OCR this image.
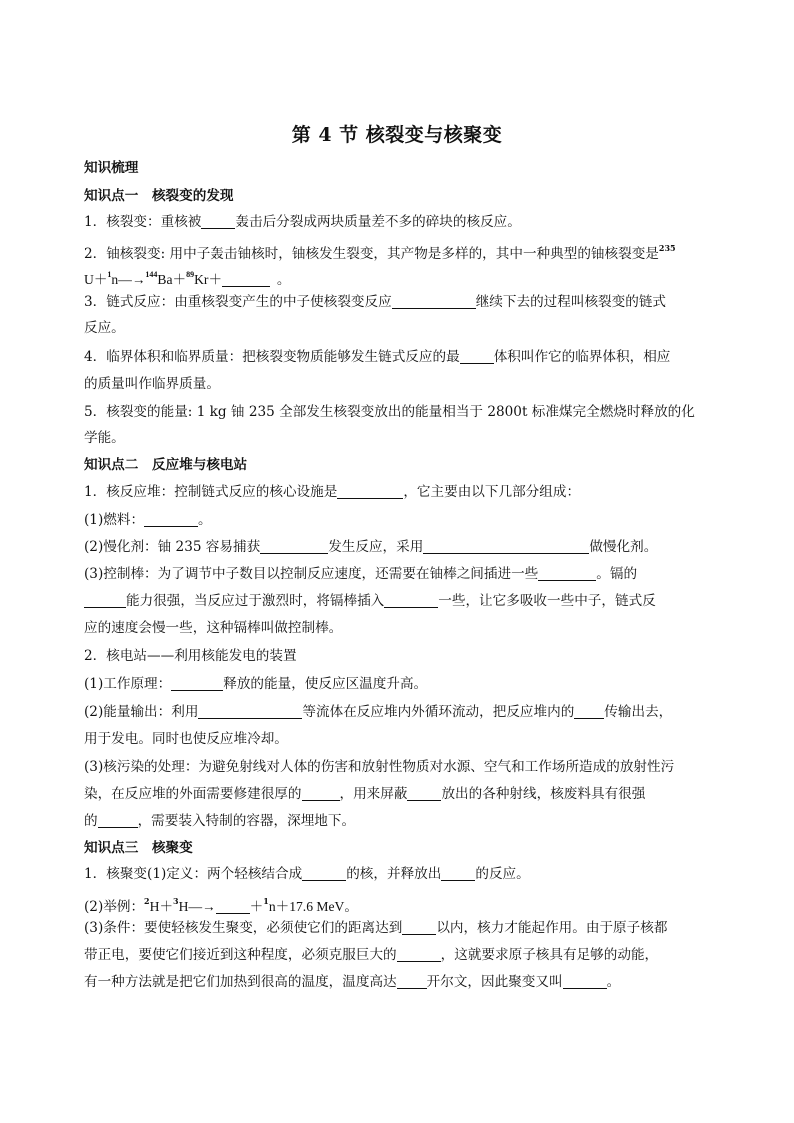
第 4 节 核裂变与核聚变
知识梳理
知识点一　核裂变的发现
1．核裂变：重核被	轰击后分裂成两块质量差不多的碎块的核反应。
2．铀核裂变: 用中子轰击铀核时，铀核发生裂变，其产物是多样的，其中一种典型的铀核裂变是$^{235}$
U＋$^1$n—→$^{144}$Ba＋$^{89}$Kr＋	。
3．链式反应：由重核裂变产生的中子使核裂变反应	继续下去的过程叫核裂变的链式
反应。
4．临界体积和临界质量：把核裂变物质能够发生链式反应的最	体积叫作它的临界体积，相应
的质量叫作临界质量。
5．核裂变的能量: 1 kg 铀 235 全部发生核裂变放出的能量相当于 2800t 标准煤完全燃烧时释放的化
学能。
知识点二　反应堆与核电站
1．核反应堆：控制链式反应的核心设施是	，它主要由以下几部分组成：
(1)燃料：	。
(2)慢化剂：铀 235 容易捕获	发生反应，采用	做慢化剂。
(3)控制棒：为了调节中子数目以控制反应速度，还需要在铀棒之间插进一些	。镉的
能力很强，当反应过于激烈时，将镉棒插入	一些，让它多吸收一些中子，链式反
应的速度会慢一些，这种镉棒叫做控制棒。
2．核电站——利用核能发电的装置
(1)工作原理：	释放的能量，使反应区温度升高。
(2)能量输出：利用	等流体在反应堆内外循环流动，把反应堆内的 传输出去，
用于发电。同时也使反应堆冷却。
(3)核污染的处理：为避免射线对人体的伤害和放射性物质对水源、空气和工作场所造成的放射性污
染，在反应堆的外面需要修建很厚的	，用来屏蔽	放出的各种射线，核废料具有很强
的	，需要装入特制的容器，深埋地下。
知识点三　核聚变
1．核聚变(1)定义：两个轻核结合成	的核，并释放出	的反应。
(2)举例：$^2$H＋$^3$H—→	＋$^1$n＋17.6 MeV。
(3)条件：要使轻核发生聚变，必须使它们的距离达到	以内，核力才能起作用。由于原子核都
带正电，要使它们接近到这种程度，必须克服巨大的	，这就要求原子核具有足够的动能，
有一种方法就是把它们加热到很高的温度，温度高达 开尔文，因此聚变又叫	。
